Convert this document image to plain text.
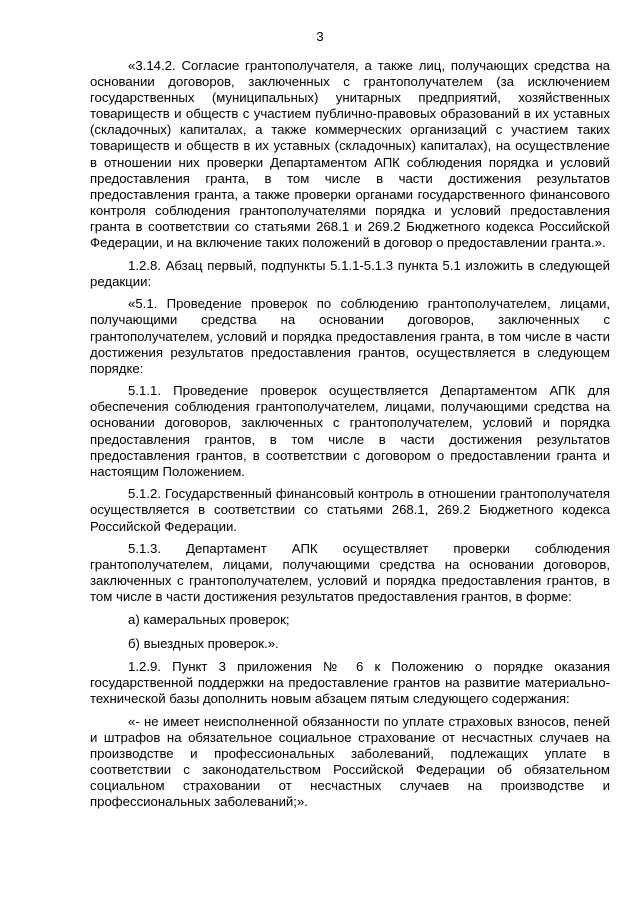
3

«3.14.2. Согласие грантополучателя, а также лиц, получающих средства на основании договоров, заключенных с грантополучателем (за исключением государственных (муниципальных) унитарных предприятий, хозяйственных товариществ и обществ с участием публично-правовых образований в их уставных (складочных) капиталах, а также коммерческих организаций с участием таких товариществ и обществ в их уставных (складочных) капиталах), на осуществление в отношении них проверки Департаментом АПК соблюдения порядка и условий предоставления гранта, в том числе в части достижения результатов предоставления гранта, а также проверки органами государственного финансового контроля соблюдения грантополучателями порядка и условий предоставления гранта в соответствии со статьями 268.1 и 269.2 Бюджетного кодекса Российской Федерации, и на включение таких положений в договор о предоставлении гранта.».

1.2.8. Абзац первый, подпункты 5.1.1-5.1.3 пункта 5.1 изложить в следующей редакции:

«5.1. Проведение проверок по соблюдению грантополучателем, лицами, получающими средства на основании договоров, заключенных с грантополучателем, условий и порядка предоставления гранта, в том числе в части достижения результатов предоставления грантов, осуществляется в следующем порядке:

5.1.1. Проведение проверок осуществляется Департаментом АПК для обеспечения соблюдения грантополучателем, лицами, получающими средства на основании договоров, заключенных с грантополучателем, условий и порядка предоставления грантов, в том числе в части достижения результатов предоставления грантов, в соответствии с договором о предоставлении гранта и настоящим Положением.

5.1.2. Государственный финансовый контроль в отношении грантополучателя осуществляется в соответствии со статьями 268.1, 269.2 Бюджетного кодекса Российской Федерации.

5.1.3. Департамент АПК осуществляет проверки соблюдения грантополучателем, лицами, получающими средства на основании договоров, заключенных с грантополучателем, условий и порядка предоставления грантов, в том числе в части достижения результатов предоставления грантов, в форме:

а) камеральных проверок;

б) выездных проверок.».

1.2.9. Пункт 3 приложения № 6 к Положению о порядке оказания государственной поддержки на предоставление грантов на развитие материально-технической базы дополнить новым абзацем пятым следующего содержания:

«- не имеет неисполненной обязанности по уплате страховых взносов, пеней и штрафов на обязательное социальное страхование от несчастных случаев на производстве и профессиональных заболеваний, подлежащих уплате в соответствии с законодательством Российской Федерации об обязательном социальном страховании от несчастных случаев на производстве и профессиональных заболеваний;».
